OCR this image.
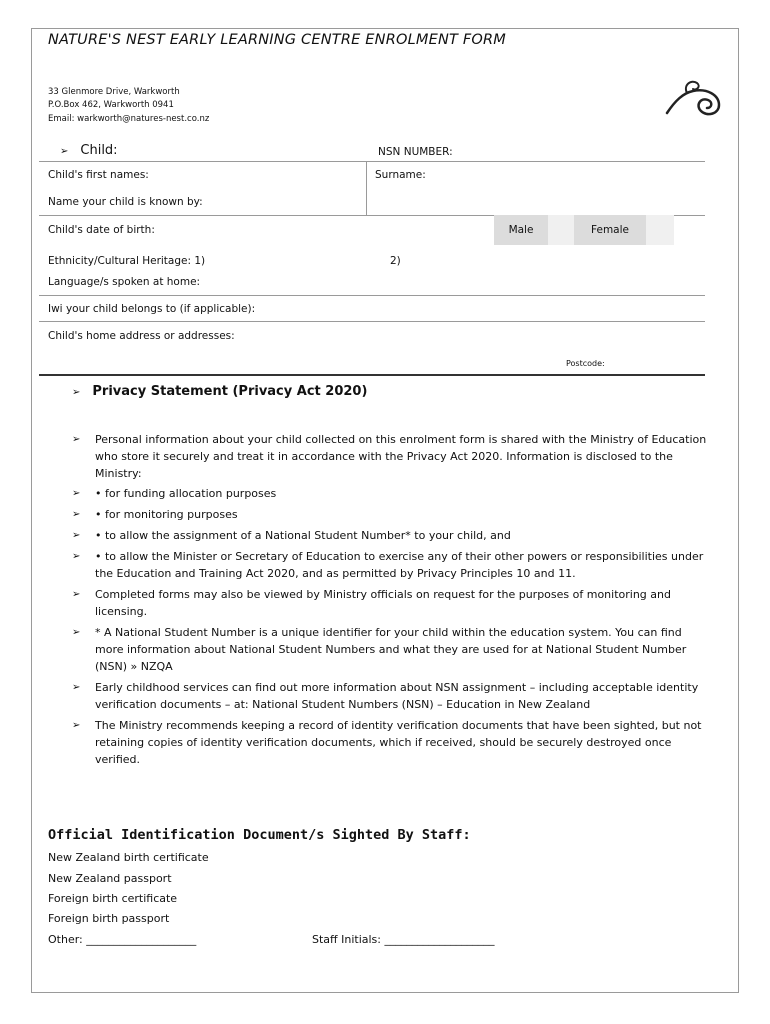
NATURE'S NEST EARLY LEARNING CENTRE ENROLMENT FORM
33 Glenmore Drive, Warkworth
P.O.Box 462, Warkworth 0941
Email: warkworth@natures-nest.co.nz
➢ Child:	NSN NUMBER:
Child's first names:	Surname:
Name your child is known by:
Child's date of birth:	Male	Female
Ethnicity/Cultural Heritage: 1)	2)
Language/s spoken at home:
Iwi your child belongs to (if applicable):
Child's home address or addresses:
Postcode:
➢ Privacy Statement (Privacy Act 2020)

➢ Personal information about your child collected on this enrolment form is shared with the Ministry of Education who store it securely and treat it in accordance with the Privacy Act 2020. Information is disclosed to the Ministry:

➢ • for funding allocation purposes

➢ • for monitoring purposes

➢ • to allow the assignment of a National Student Number* to your child, and

➢ • to allow the Minister or Secretary of Education to exercise any of their other powers or responsibilities under the Education and Training Act 2020, and as permitted by Privacy Principles 10 and 11.

➢ Completed forms may also be viewed by Ministry officials on request for the purposes of monitoring and licensing.

➢ * A National Student Number is a unique identifier for your child within the education system. You can find more information about National Student Numbers and what they are used for at National Student Number (NSN) » NZQA

➢ Early childhood services can find out more information about NSN assignment – including acceptable identity verification documents – at: National Student Numbers (NSN) – Education in New Zealand

➢ The Ministry recommends keeping a record of identity verification documents that have been sighted, but not retaining copies of identity verification documents, which if received, should be securely destroyed once verified.

Official Identification Document/s Sighted By Staff:
New Zealand birth certificate
New Zealand passport
Foreign birth certificate
Foreign birth passport
Other: ____________________	Staff Initials: ____________________
